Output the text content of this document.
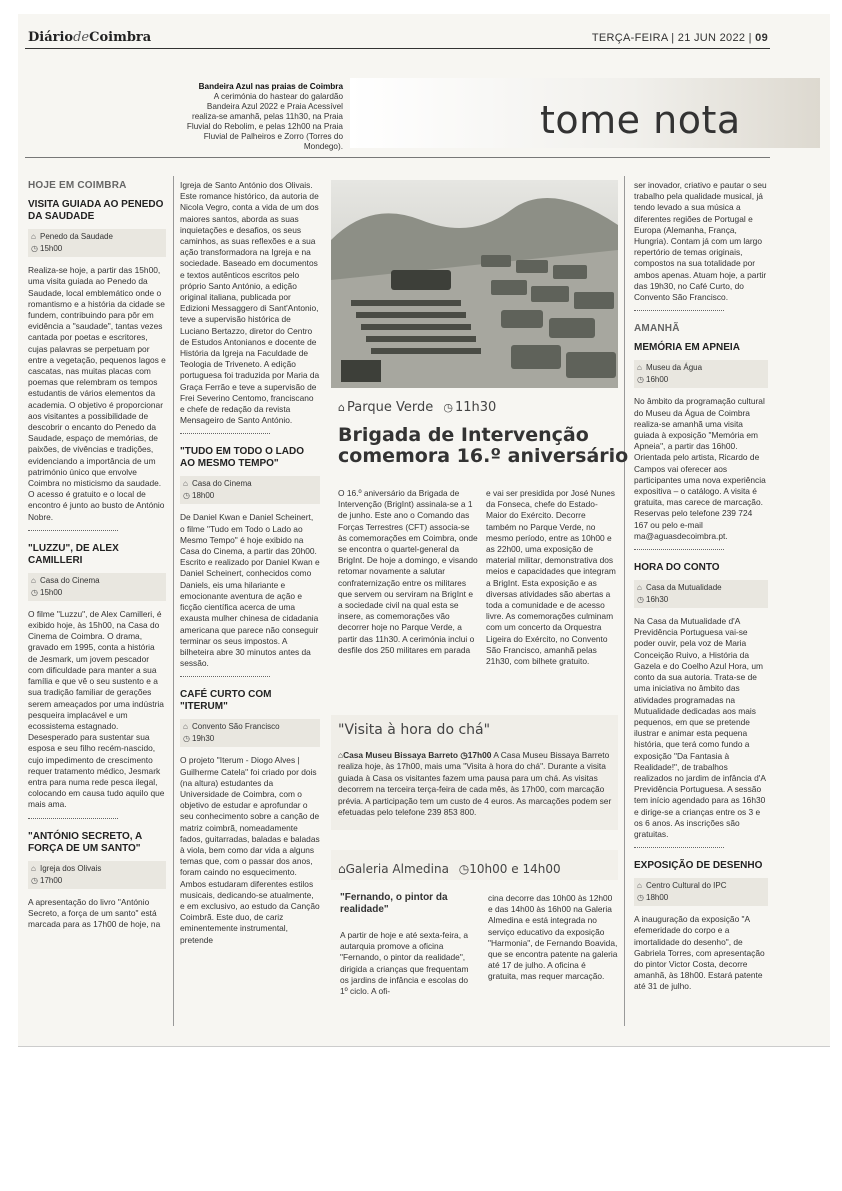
DiáriodeCoimbra	TERÇA-FEIRA | 21 JUN 2022 | 09
Bandeira Azul nas praias de Coimbra
A cerimónia do hastear do galardão Bandeira Azul 2022 e Praia Acessível realiza-se amanhã, pelas 11h30, na Praia Fluvial do Rebolim, e pelas 12h00 na Praia Fluvial de Palheiros e Zorro (Torres do Mondego).
tome nota
HOJE EM COIMBRA
VISITA GUIADA AO PENEDO DA SAUDADE
⌂ Penedo da Saudade
◷ 15h00
Realiza-se hoje, a partir das 15h00, uma visita guiada ao Penedo da Saudade, local emblemático onde o romantismo e a história da cidade se fundem, contribuindo para pôr em evidência a "saudade", tantas vezes cantada por poetas e escritores, cujas palavras se perpetuam por entre a vegetação, pequenos lagos e cascatas, nas muitas placas com poemas que relembram os tempos estudantis de vários elementos da academia. O objetivo é proporcionar aos visitantes a possibilidade de descobrir o encanto do Penedo da Saudade, espaço de memórias, de paixões, de vivências e tradições, evidenciando a importância de um património único que envolve Coimbra no misticismo da saudade. O acesso é gratuito e o local de encontro é junto ao busto de António Nobre.
"LUZZU", DE ALEX CAMILLERI
⌂ Casa do Cinema
◷ 15h00
O filme "Luzzu", de Alex Camilleri, é exibido hoje, às 15h00, na Casa do Cinema de Coimbra. O drama, gravado em 1995, conta a história de Jesmark, um jovem pescador com dificuldade para manter a sua família e que vê o seu sustento e a sua tradição familiar de gerações serem ameaçados por uma indústria pesqueira implacável e um ecossistema estagnado. Desesperado para sustentar sua esposa e seu filho recém-nascido, cujo impedimento de crescimento requer tratamento médico, Jesmark entra para numa rede pesca ilegal, colocando em causa tudo aquilo que mais ama.
"ANTÓNIO SECRETO, A FORÇA DE UM SANTO"
⌂ Igreja dos Olivais
◷ 17h00
A apresentação do livro "António Secreto, a força de um santo" está marcada para as 17h00 de hoje, na
Igreja de Santo António dos Olivais. Este romance histórico, da autoria de Nicola Vegro, conta a vida de um dos maiores santos, aborda as suas inquietações e desafios, os seus caminhos, as suas reflexões e a sua ação transformadora na Igreja e na sociedade. Baseado em documentos e textos autênticos escritos pelo próprio Santo António, a edição original italiana, publicada por Edizioni Messaggero di Sant'Antonio, teve a supervisão histórica de Luciano Bertazzo, diretor do Centro de Estudos Antonianos e docente de História da Igreja na Faculdade de Teologia de Triveneto. A edição portuguesa foi traduzida por Maria da Graça Ferrão e teve a supervisão de Frei Severino Centomo, franciscano e chefe de redação da revista Mensageiro de Santo António.
"TUDO EM TODO O LADO AO MESMO TEMPO"
⌂ Casa do Cinema
◷ 18h00
De Daniel Kwan e Daniel Scheinert, o filme "Tudo em Todo o Lado ao Mesmo Tempo" é hoje exibido na Casa do Cinema, a partir das 20h00. Escrito e realizado por Daniel Kwan e Daniel Scheinert, conhecidos como Daniels, eis uma hilariante e emocionante aventura de ação e ficção científica acerca de uma exausta mulher chinesa de cidadania americana que parece não conseguir terminar os seus impostos. A bilheteira abre 30 minutos antes da sessão.
CAFÉ CURTO COM "ITERUM"
⌂ Convento São Francisco
◷ 19h30
O projeto "Iterum - Diogo Alves | Guilherme Catela" foi criado por dois (na altura) estudantes da Universidade de Coimbra, com o objetivo de estudar e aprofundar o seu conhecimento sobre a canção de matriz coimbrã, nomeadamente fados, guitarradas, baladas e baladas à viola, bem como dar vida a alguns temas que, com o passar dos anos, foram caindo no esquecimento. Ambos estudaram diferentes estilos musicais, dedicando-se atualmente, e em exclusivo, ao estudo da Canção Coimbrã. Este duo, de cariz eminentemente instrumental, pretende
⌂ Parque Verde ◷ 11h30
Brigada de Intervenção comemora 16.º aniversário
O 16.º aniversário da Brigada de Intervenção (BrigInt) assinala-se a 1 de junho. Este ano o Comando das Forças Terrestres (CFT) associa-se às comemorações em Coimbra, onde se encontra o quartel-general da BrigInt. De hoje a domingo, e visando retomar novamente a salutar confraternização entre os militares que servem ou serviram na BrigInt e a sociedade civil na qual esta se insere, as comemorações vão decorrer hoje no Parque Verde, a partir das 11h30. A cerimónia inclui o desfile dos 250 militares em parada
e vai ser presidida por José Nunes da Fonseca, chefe do Estado-Maior do Exército. Decorre também no Parque Verde, no mesmo período, entre as 10h00 e as 22h00, uma exposição de material militar, demonstrativa dos meios e capacidades que integram a BrigInt. Esta exposição e as diversas atividades são abertas a toda a comunidade e de acesso livre. As comemorações culminam com um concerto da Orquestra Ligeira do Exército, no Convento São Francisco, amanhã pelas 21h30, com bilhete gratuito.
"Visita à hora do chá"
⌂Casa Museu Bissaya Barreto ◷17h00 A Casa Museu Bissaya Barreto realiza hoje, às 17h00, mais uma "Visita à hora do chá". Durante a visita guiada à Casa os visitantes fazem uma pausa para um chá. As visitas decorrem na terceira terça-feira de cada mês, às 17h00, com marcação prévia. A participação tem um custo de 4 euros. As marcações podem ser efetuadas pelo telefone 239 853 800.
⌂Galeria Almedina ◷10h00 e 14h00
"Fernando, o pintor da realidade"
A partir de hoje e até sexta-feira, a autarquia promove a oficina "Fernando, o pintor da realidade", dirigida a crianças que frequentam os jardins de infância e escolas do 1º ciclo. A ofi-
cina decorre das 10h00 às 12h00 e das 14h00 às 16h00 na Galeria Almedina e está integrada no serviço educativo da exposição "Harmonia", de Fernando Boavida, que se encontra patente na galeria até 17 de julho. A oficina é gratuita, mas requer marcação.
ser inovador, criativo e pautar o seu trabalho pela qualidade musical, já tendo levado a sua música a diferentes regiões de Portugal e Europa (Alemanha, França, Hungria). Contam já com um largo repertório de temas originais, compostos na sua totalidade por ambos apenas. Atuam hoje, a partir das 19h30, no Café Curto, do Convento São Francisco.
AMANHÃ
MEMÓRIA EM APNEIA
⌂ Museu da Água
◷ 16h00
No âmbito da programação cultural do Museu da Água de Coimbra realiza-se amanhã uma visita guiada à exposição "Memória em Apneia", a partir das 16h00. Orientada pelo artista, Ricardo de Campos vai oferecer aos participantes uma nova experiência expositiva – o catálogo. A visita é gratuita, mas carece de marcação. Reservas pelo telefone 239 724 167 ou pelo e-mail ma@aguasdecoimbra.pt.
HORA DO CONTO
⌂ Casa da Mutualidade
◷ 16h30
Na Casa da Mutualidade d'A Previdência Portuguesa vai-se poder ouvir, pela voz de Maria Conceição Ruivo, a História da Gazela e do Coelho Azul Hora, um conto da sua autoria. Trata-se de uma iniciativa no âmbito das atividades programadas na Mutualidade dedicadas aos mais pequenos, em que se pretende ilustrar e animar esta pequena história, que terá como fundo a exposição "Da Fantasia à Realidade!", de trabalhos realizados no jardim de infância d'A Previdência Portuguesa. A sessão tem início agendado para as 16h30 e dirige-se a crianças entre os 3 e os 6 anos. As inscrições são gratuitas.
EXPOSIÇÃO DE DESENHO
⌂ Centro Cultural do IPC
◷ 18h00
A inauguração da exposição "A efemeridade do corpo e a imortalidade do desenho", de Gabriela Torres, com apresentação do pintor Victor Costa, decorre amanhã, às 18h00. Estará patente até 31 de julho.
